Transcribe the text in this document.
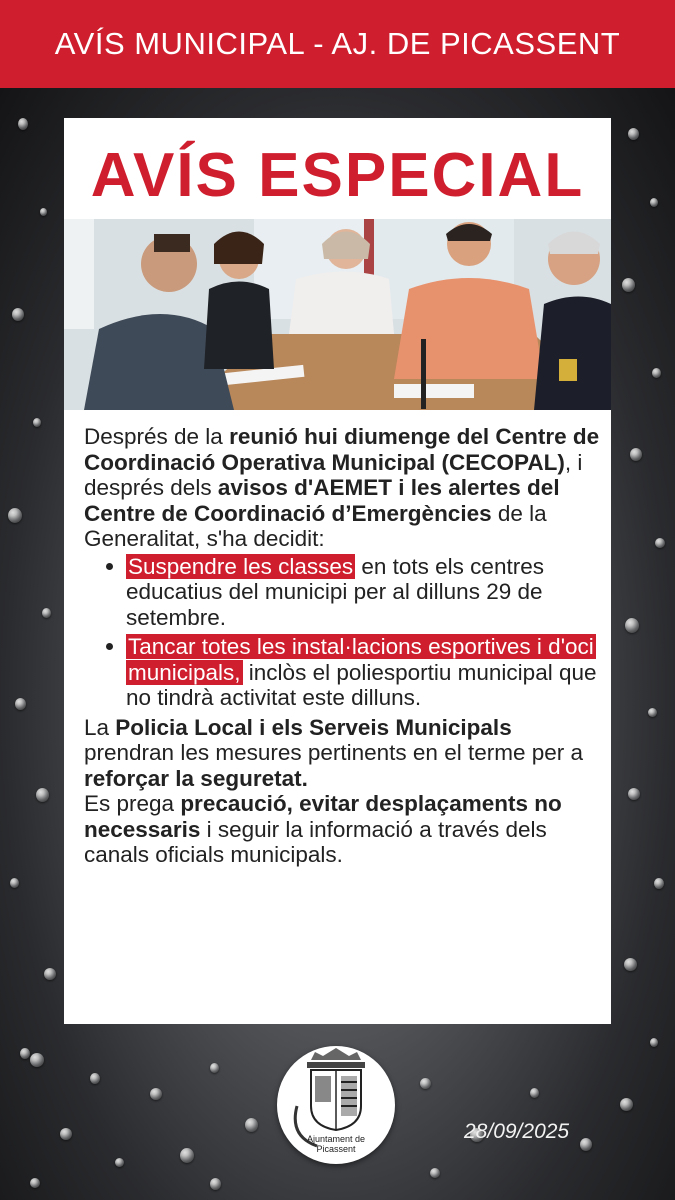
AVÍS MUNICIPAL - AJ. DE PICASSENT
AVÍS ESPECIAL
Després de la reunió hui diumenge del Centre de Coordinació Operativa Municipal (CECOPAL), i després dels avisos d'AEMET i les alertes del Centre de Coordinació d’Emergències de la Generalitat, s'ha decidit:
Suspendre les classes en tots els centres educatius del municipi per al dilluns 29 de setembre.
Tancar totes les instal·lacions esportives i d'oci municipals, inclòs el poliesportiu municipal que no tindrà activitat este dilluns.
La Policia Local i els Serveis Municipals prendran les mesures pertinents en el terme per a reforçar la seguretat.
Es prega precaució, evitar desplaçaments no necessaris i seguir la informació a través dels canals oficials municipals.
Ajuntament de
Picassent
28/09/2025
